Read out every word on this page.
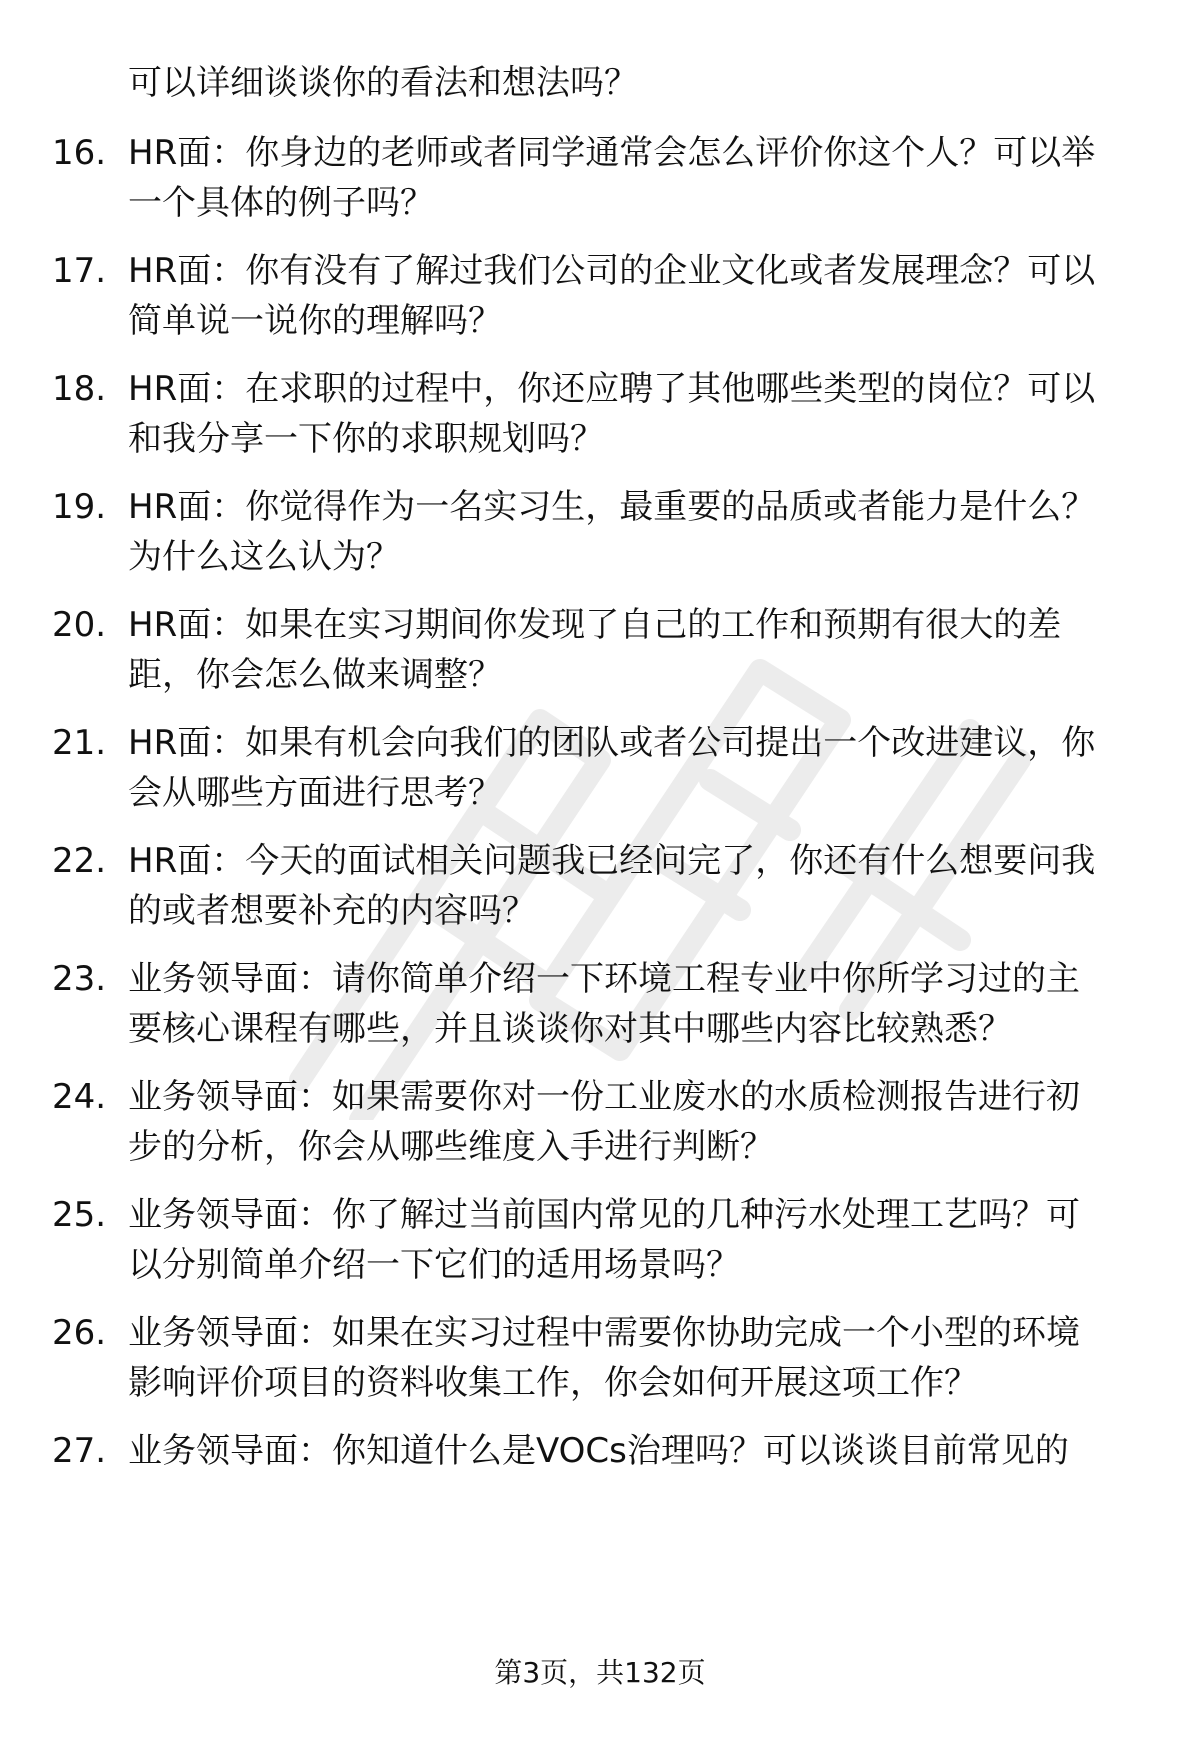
可以详细谈谈你的看法和想法吗？
16. HR面：你身边的老师或者同学通常会怎么评价你这个人？可以举
一个具体的例子吗？
17. HR面：你有没有了解过我们公司的企业文化或者发展理念？可以
简单说一说你的理解吗？
18. HR面：在求职的过程中，你还应聘了其他哪些类型的岗位？可以
和我分享一下你的求职规划吗？
19. HR面：你觉得作为一名实习生，最重要的品质或者能力是什么？
为什么这么认为？
20. HR面：如果在实习期间你发现了自己的工作和预期有很大的差
距，你会怎么做来调整？
21. HR面：如果有机会向我们的团队或者公司提出一个改进建议，你
会从哪些方面进行思考？
22. HR面：今天的面试相关问题我已经问完了，你还有什么想要问我
的或者想要补充的内容吗？
23. 业务领导面：请你简单介绍一下环境工程专业中你所学习过的主
要核心课程有哪些，并且谈谈你对其中哪些内容比较熟悉？
24. 业务领导面：如果需要你对一份工业废水的水质检测报告进行初
步的分析，你会从哪些维度入手进行判断？
25. 业务领导面：你了解过当前国内常见的几种污水处理工艺吗？可
以分别简单介绍一下它们的适用场景吗？
26. 业务领导面：如果在实习过程中需要你协助完成一个小型的环境
影响评价项目的资料收集工作，你会如何开展这项工作？
27. 业务领导面：你知道什么是VOCs治理吗？可以谈谈目前常见的
第3页，共132页
